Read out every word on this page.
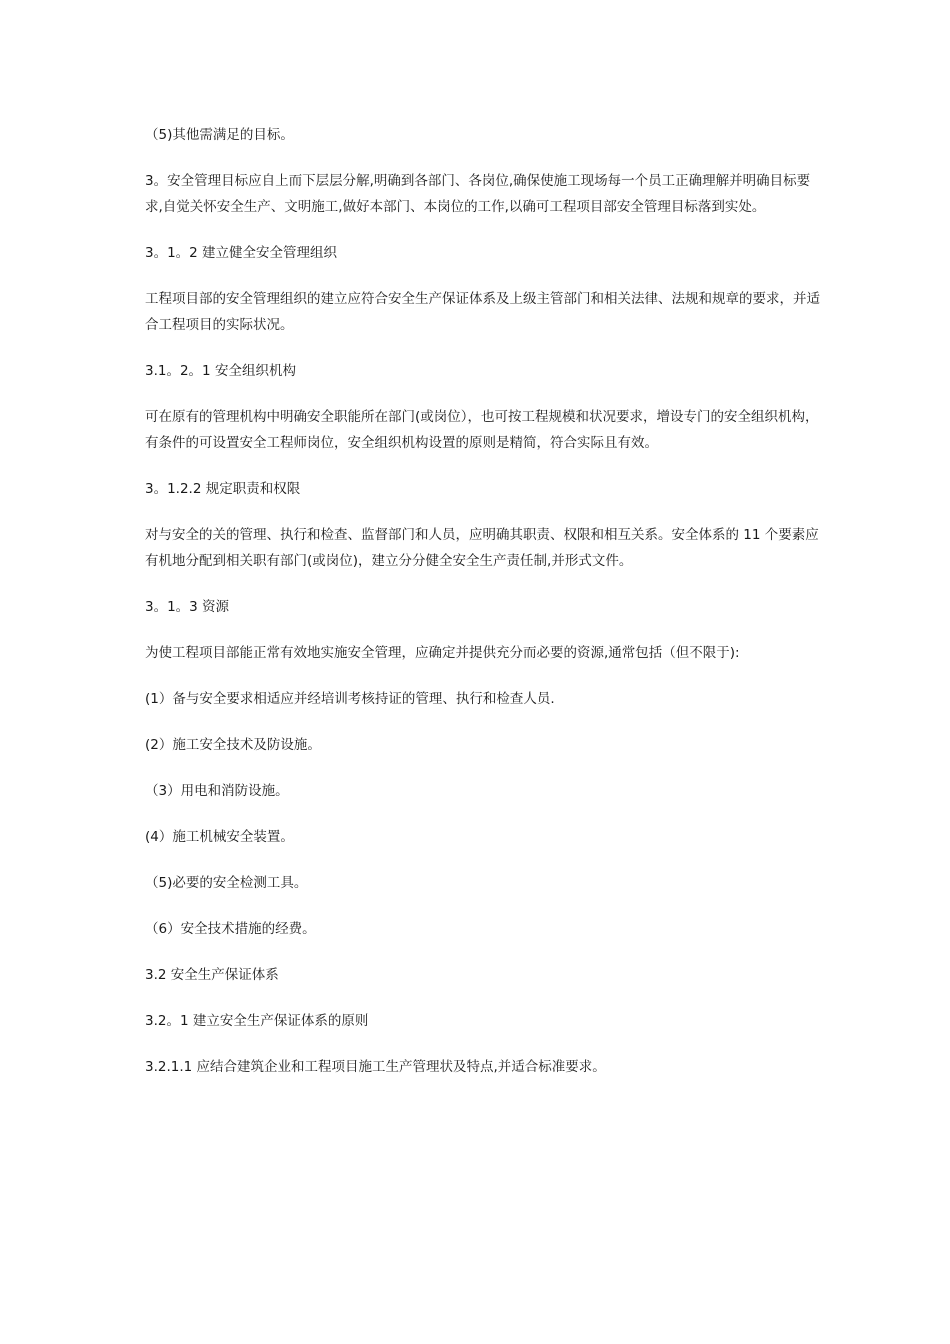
（5)其他需满足的目标。

3。安全管理目标应自上而下层层分解,明确到各部门、各岗位,确保使施工现场每一个员工正确理解并明确目标要求,自觉关怀安全生产、文明施工,做好本部门、本岗位的工作,以确可工程项目部安全管理目标落到实处。

3。1。2 建立健全安全管理组织

工程项目部的安全管理组织的建立应符合安全生产保证体系及上级主管部门和相关法律、法规和规章的要求，并适合工程项目的实际状况。

3.1。2。1 安全组织机构

可在原有的管理机构中明确安全职能所在部门(或岗位），也可按工程规模和状况要求，增设专门的安全组织机构，有条件的可设置安全工程师岗位，安全组织机构设置的原则是精简，符合实际且有效。

3。1.2.2 规定职责和权限

对与安全的关的管理、执行和检查、监督部门和人员，应明确其职责、权限和相互关系。安全体系的 11 个要素应有机地分配到相关职有部门(或岗位)，建立分分健全安全生产责任制,并形式文件。

3。1。3 资源

为使工程项目部能正常有效地实施安全管理，应确定并提供充分而必要的资源,通常包括（但不限于):

(1）备与安全要求相适应并经培训考核持证的管理、执行和检查人员.

(2）施工安全技术及防设施。

（3）用电和消防设施。

(4）施工机械安全装置。

（5)必要的安全检测工具。

（6）安全技术措施的经费。

3.2 安全生产保证体系

3.2。1 建立安全生产保证体系的原则

3.2.1.1 应结合建筑企业和工程项目施工生产管理状及特点,并适合标准要求。
